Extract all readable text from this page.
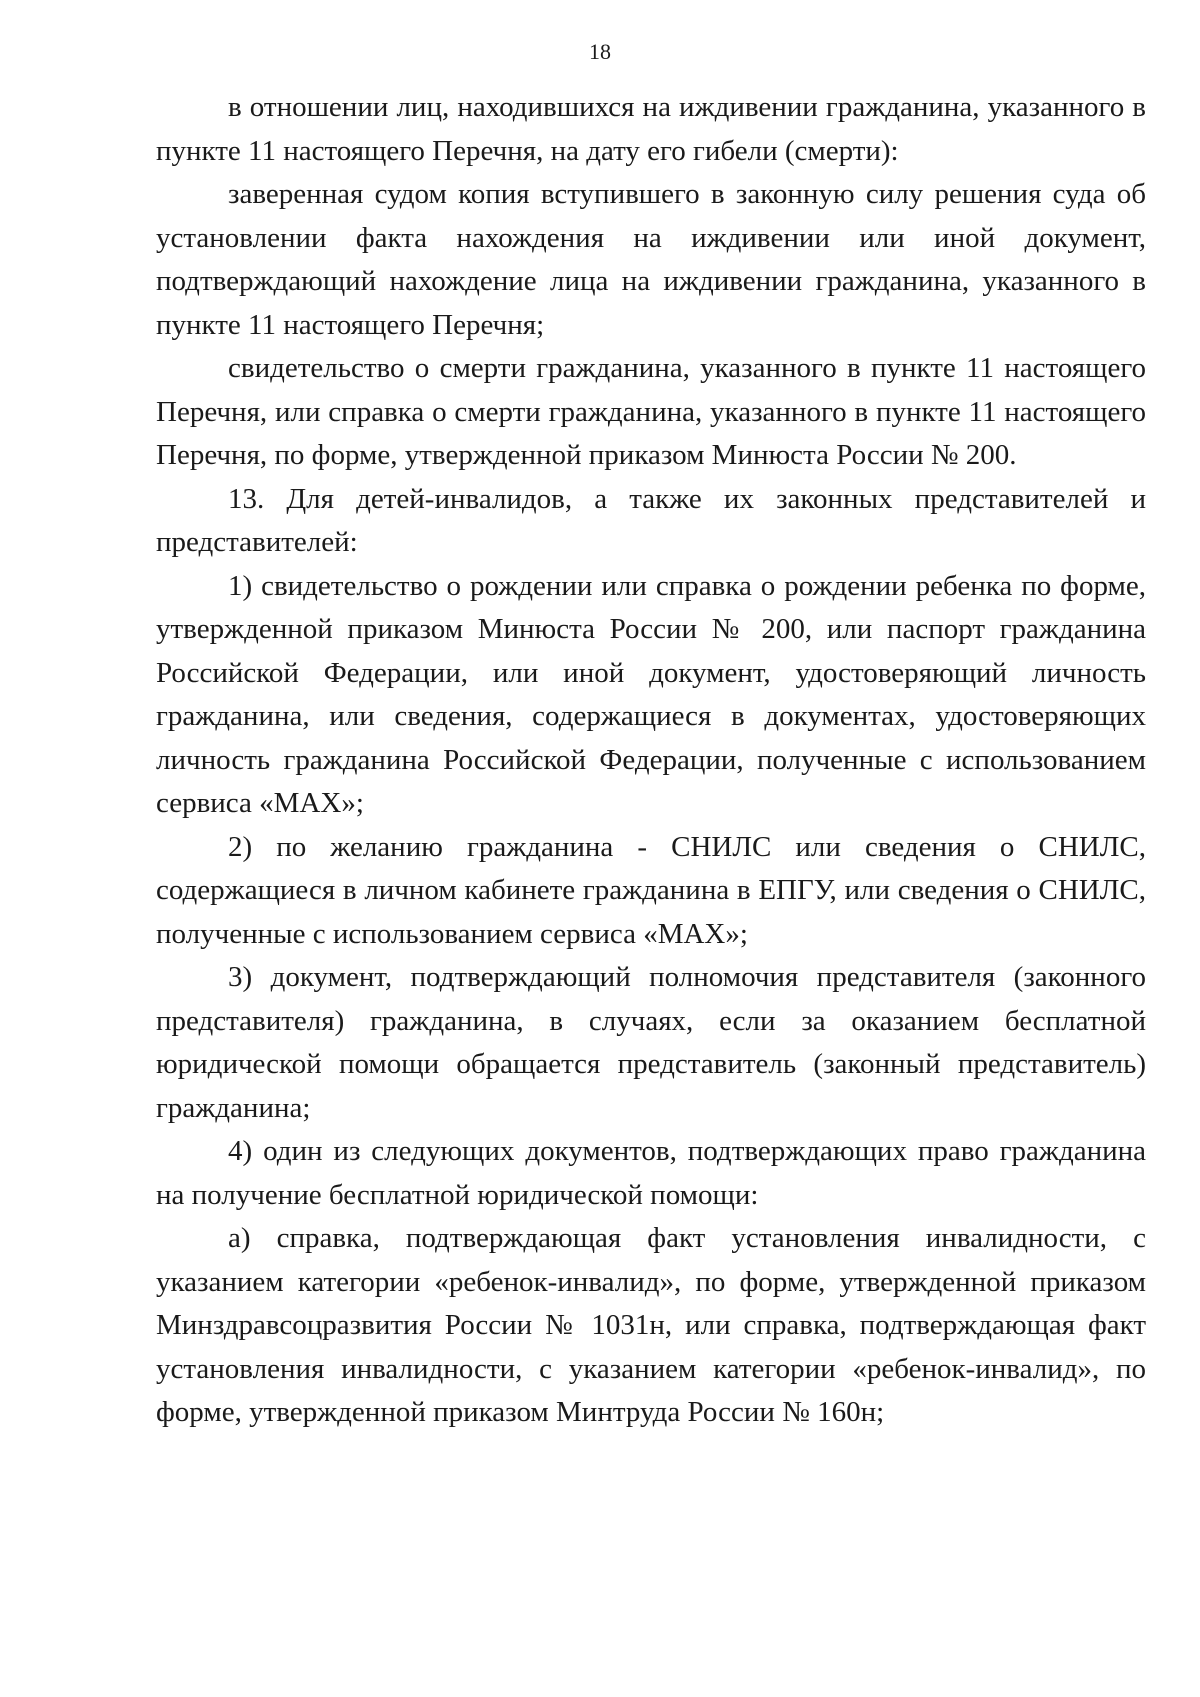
18

в отношении лиц, находившихся на иждивении гражданина, указанного в пункте 11 настоящего Перечня, на дату его гибели (смерти):

заверенная судом копия вступившего в законную силу решения суда об установлении факта нахождения на иждивении или иной документ, подтверждающий нахождение лица на иждивении гражданина, указанного в пункте 11 настоящего Перечня;

свидетельство о смерти гражданина, указанного в пункте 11 настоящего Перечня, или справка о смерти гражданина, указанного в пункте 11 настоящего Перечня, по форме, утвержденной приказом Минюста России № 200.

13. Для детей-инвалидов, а также их законных представителей и представителей:

1) свидетельство о рождении или справка о рождении ребенка по форме, утвержденной приказом Минюста России № 200, или паспорт гражданина Российской Федерации, или иной документ, удостоверяющий личность гражданина, или сведения, содержащиеся в документах, удостоверяющих личность гражданина Российской Федерации, полученные с использованием сервиса «MAX»;

2) по желанию гражданина - СНИЛС или сведения о СНИЛС, содержащиеся в личном кабинете гражданина в ЕПГУ, или сведения о СНИЛС, полученные с использованием сервиса «MAX»;

3) документ, подтверждающий полномочия представителя (законного представителя) гражданина, в случаях, если за оказанием бесплатной юридической помощи обращается представитель (законный представитель) гражданина;

4) один из следующих документов, подтверждающих право гражданина на получение бесплатной юридической помощи:

а) справка, подтверждающая факт установления инвалидности, с указанием категории «ребенок-инвалид», по форме, утвержденной приказом Минздравсоцразвития России № 1031н, или справка, подтверждающая факт установления инвалидности, с указанием категории «ребенок-инвалид», по форме, утвержденной приказом Минтруда России № 160н;
